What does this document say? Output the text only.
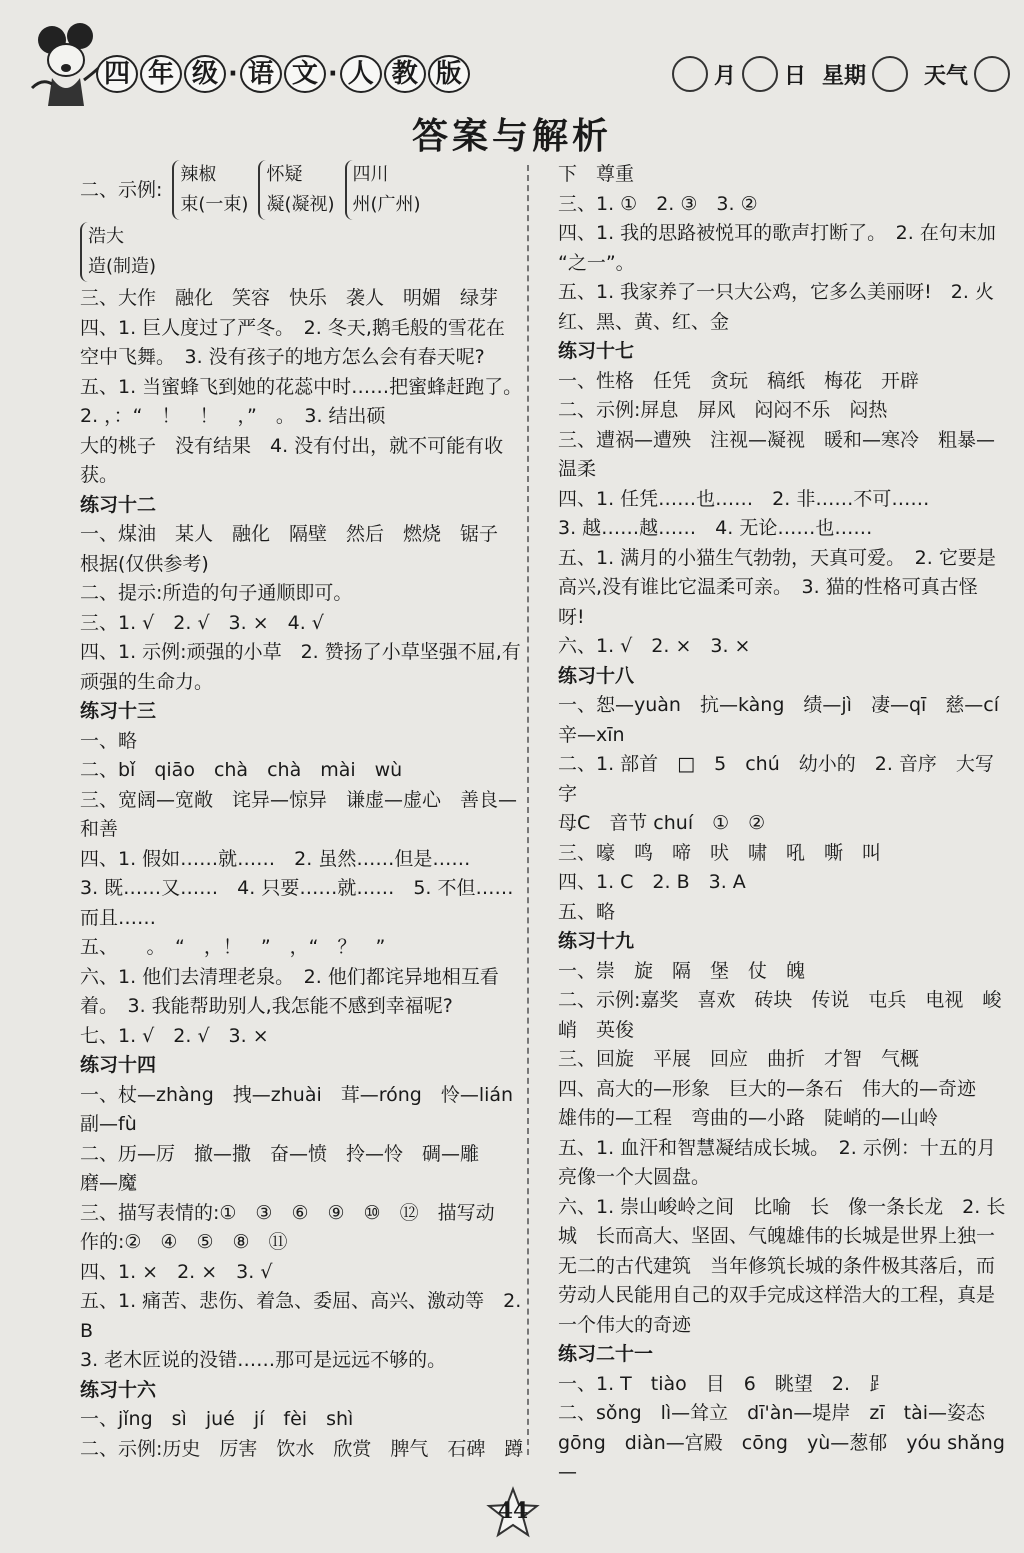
四 年 级 · 语 文 · 人 教 版	月 日 星期	天气
答案与解析
二、示例:
辣椒
束(一束)
怀疑
凝(凝视)
四川
州(广州)
浩大
造(制造)

三、大作　融化　笑容　快乐　袭人　明媚　绿芽

四、1. 巨人度过了严冬。　2. 冬天,鹅毛般的雪花在

空中飞舞。　3. 没有孩子的地方怎么会有春天呢?

五、1. 当蜜蜂飞到她的花蕊中时……把蜜蜂赶跑了。

2. ，：“　！　！　，”　。　3. 结出硕

大的桃子　没有结果　4. 没有付出，就不可能有收

获。

练习十二

一、煤油　某人　融化　隔壁　然后　燃烧　锯子

根据(仅供参考)

二、提示:所造的句子通顺即可。

三、1. √　2. √　3. ×　4. √

四、1. 示例:顽强的小草　2. 赞扬了小草坚强不屈,有

顽强的生命力。

练习十三

一、略

二、bǐ　qiāo　chà　chà　mài　wù

三、宽阔—宽敞　诧异—惊异　谦虚—虚心　善良—

和善

四、1. 假如……就……　2. 虽然……但是……

3. 既……又……　4. 只要……就……　5. 不但……

而且……

五、　　。　“　，！　”　，“　？　”

六、1. 他们去清理老泉。　2. 他们都诧异地相互看

着。　3. 我能帮助别人,我怎能不感到幸福呢?

七、1. √　2. √　3. ×

练习十四

一、杖—zhàng　拽—zhuài　茸—róng　怜—lián

副—fù

二、历—厉　撤—撒　奋—愤　拎—怜　碉—雕

磨—魔

三、描写表情的:①　③　⑥　⑨　⑩　⑫　描写动

作的:②　④　⑤　⑧　⑪

四、1. ×　2. ×　3. √

五、1. 痛苦、悲伤、着急、委屈、高兴、激动等　2. B

3. 老木匠说的没错……那可是远远不够的。

练习十六

一、jǐng　sì　jué　jí　fèi　shì

二、示例:历史　厉害　饮水　欣赏　脾气　石碑　蹲

下　尊重

三、1. ①　2. ③　3. ②

四、1. 我的思路被悦耳的歌声打断了。　2. 在句末加

“之一”。

五、1. 我家养了一只大公鸡，它多么美丽呀!　2. 火

红、黑、黄、红、金

练习十七

一、性格　任凭　贪玩　稿纸　梅花　开辟

二、示例:屏息　屏风　闷闷不乐　闷热

三、遭祸—遭殃　注视—凝视　暖和—寒冷　粗暴—

温柔

四、1. 任凭……也……　2. 非……不可……

3. 越……越……　4. 无论……也……

五、1. 满月的小猫生气勃勃，天真可爱。　2. 它要是

高兴,没有谁比它温柔可亲。　3. 猫的性格可真古怪

呀!

六、1. √　2. ×　3. ×

练习十八

一、恕—yuàn　抗—kàng　绩—jì　凄—qī　慈—cí

辛—xīn

二、1. 部首　□　5　chú　幼小的　2. 音序　大写字

母C　音节 chuí　①　②

三、嚎　鸣　啼　吠　啸　吼　嘶　叫

四、1. C　2. B　3. A

五、略

练习十九

一、崇　旋　隔　堡　仗　魄

二、示例:嘉奖　喜欢　砖块　传说　屯兵　电视　峻

峭　英俊

三、回旋　平展　回应　曲折　才智　气概

四、高大的—形象　巨大的—条石　伟大的—奇迹

雄伟的—工程　弯曲的—小路　陡峭的—山岭

五、1. 血汗和智慧凝结成长城。　2. 示例：十五的月

亮像一个大圆盘。

六、1. 崇山峻岭之间　比喻　长　像一条长龙　2. 长

城　长而高大、坚固、气魄雄伟的长城是世界上独一

无二的古代建筑　当年修筑长城的条件极其落后，而

劳动人民能用自己的双手完成这样浩大的工程，真是

一个伟大的奇迹

练习二十一

一、1. T　tiào　目　6　眺望　2.　⻊

二、sǒng　lì—耸立　dī'àn—堤岸　zī　tài—姿态

gōng　diàn—宫殿　cōng　yù—葱郁　yóu shǎng—

44
